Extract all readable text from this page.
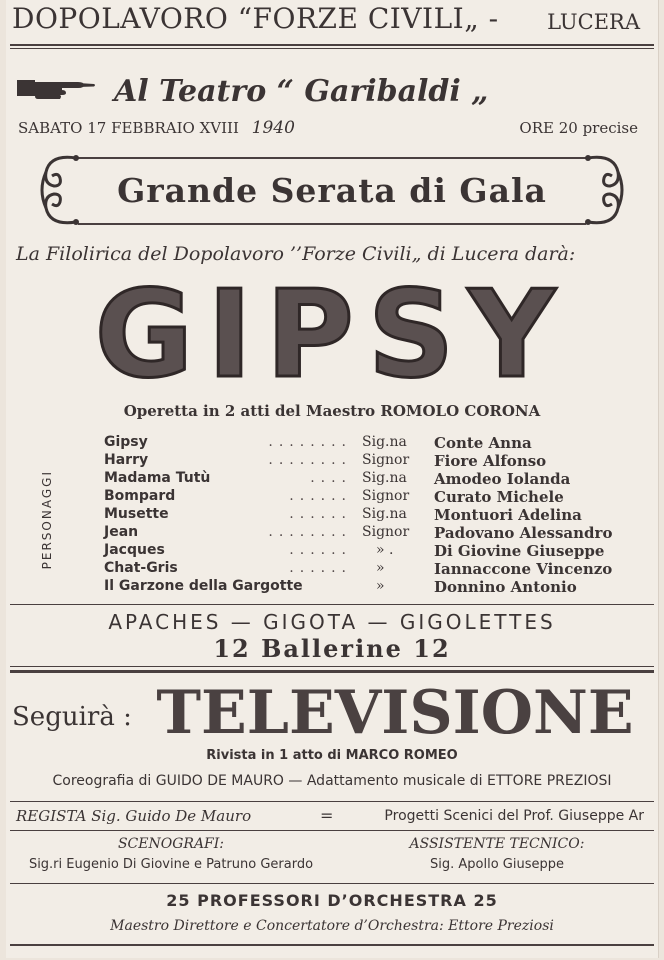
DOPOLAVORO “FORZE CIVILI„ - LUCERA
Al Teatro “ Garibaldi „
SABATO 17 FEBBRAIO XVIII 1940	ORE 20 precise
Grande Serata di Gala
La Filolirica del Dopolavoro ’’Forze Civili„ di Lucera darà:
GIPSY
Operetta in 2 atti del Maestro ROMOLO CORONA
PERSONAGGI
........
Gipsy	Sig.na Conte Anna
........
Harry	Signor Fiore Alfonso
....
Madama Tutù	Sig.na Amodeo Iolanda
......
Bompard	Signor Curato Michele
......
Musette	Sig.na Montuori Adelina
........
Jean	Signor Padovano Alessandro
......
Jacques	» .	Di Giovine Giuseppe
......
Chat-Gris	»	Iannaccone Vincenzo
Il Garzone della Gargotte	»	Donnino Antonio
APACHES — GIGOTA — GIGOLETTES
12 Ballerine 12
Seguirà : TELEVISIONE
Rivista in 1 atto di MARCO ROMEO
Coreografia di GUIDO DE MAURO — Adattamento musicale di ETTORE PREZIOSI
REGISTA Sig. Guido De Mauro	=	Progetti Scenici del Prof. Giuseppe Ar
SCENOGRAFI:
Sig.ri Eugenio Di Giovine e Patruno Gerardo
ASSISTENTE TECNICO:
Sig. Apollo Giuseppe
25 PROFESSORI D’ORCHESTRA 25
Maestro Direttore e Concertatore d’Orchestra: Ettore Preziosi
